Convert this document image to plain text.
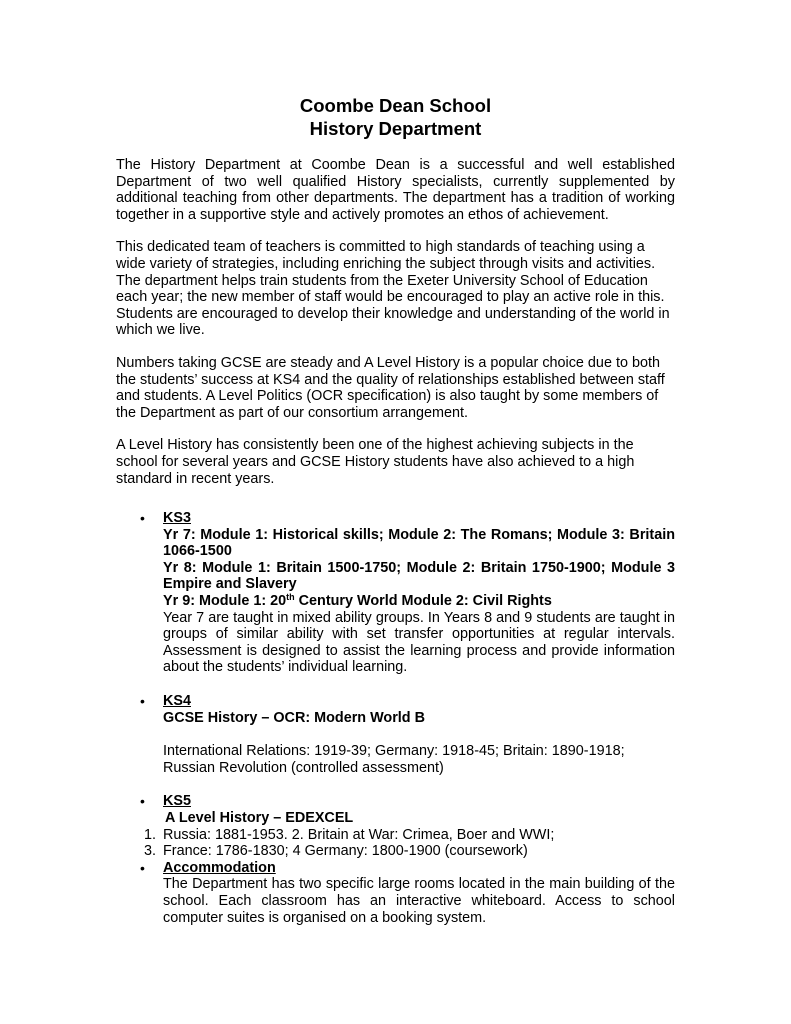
Coombe Dean School
History Department

The History Department at Coombe Dean is a successful and well established Department of two well qualified History specialists, currently supplemented by additional teaching from other departments. The department has a tradition of working together in a supportive style and actively promotes an ethos of achievement.

This dedicated team of teachers is committed to high standards of teaching using a wide variety of strategies, including enriching the subject through visits and activities. The department helps train students from the Exeter University School of Education each year; the new member of staff would be encouraged to play an active role in this. Students are encouraged to develop their knowledge and understanding of the world in which we live.

Numbers taking GCSE are steady and A Level History is a popular choice due to both the students’ success at KS4 and the quality of relationships established between staff and students. A Level Politics (OCR specification) is also taught by some members of the Department as part of our consortium arrangement.

A Level History has consistently been one of the highest achieving subjects in the school for several years and GCSE History students have also achieved to a high standard in recent years.

• KS3
Yr 7: Module 1: Historical skills; Module 2: The Romans; Module 3: Britain 1066-1500
Yr 8: Module 1: Britain 1500-1750; Module 2: Britain 1750-1900; Module 3 Empire and Slavery
Yr 9: Module 1: 20th Century World Module 2: Civil Rights
Year 7 are taught in mixed ability groups. In Years 8 and 9 students are taught in groups of similar ability with set transfer opportunities at regular intervals. Assessment is designed to assist the learning process and provide information about the students’ individual learning.
• KS4
GCSE History – OCR: Modern World B
International Relations: 1919-39; Germany: 1918-45; Britain: 1890-1918; Russian Revolution (controlled assessment)
• KS5
A Level History – EDEXCEL
1. Russia: 1881-1953. 2. Britain at War: Crimea, Boer and WWI;
3. France: 1786-1830; 4 Germany: 1800-1900 (coursework)
• Accommodation
The Department has two specific large rooms located in the main building of the school. Each classroom has an interactive whiteboard. Access to school computer suites is organised on a booking system.
